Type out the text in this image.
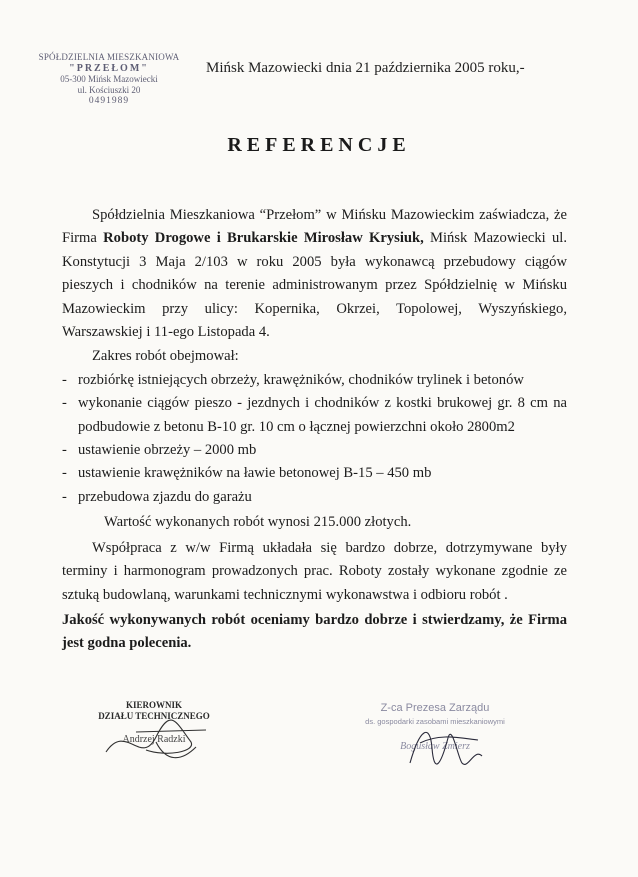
SPÓŁDZIELNIA MIESZKANIOWA
"PRZEŁOM"
05-300 Mińsk Mazowiecki
ul. Kościuszki 20
0491989
Mińsk Mazowiecki dnia 21 października 2005 roku,-
REFERENCJE
Spółdzielnia Mieszkaniowa “Przełom” w Mińsku Mazowieckim zaświadcza, że Firma Roboty Drogowe i Brukarskie Mirosław Krysiuk, Mińsk Mazowiecki ul. Konstytucji 3 Maja 2/103 w roku 2005 była wykonawcą przebudowy ciągów pieszych i chodników na terenie administrowanym przez Spółdzielnię w Mińsku Mazowieckim przy ulicy: Kopernika, Okrzei, Topolowej, Wyszyńskiego, Warszawskiej i 11-ego Listopada 4.
Zakres robót obejmował:
- rozbiórkę istniejących obrzeży, krawężników, chodników trylinek i betonów
- wykonanie ciągów pieszo - jezdnych i chodników z kostki brukowej gr. 8 cm na podbudowie z betonu B-10 gr. 10 cm o łącznej powierzchni około 2800m2
- ustawienie obrzeży – 2000 mb
- ustawienie krawężników na ławie betonowej B-15 – 450 mb
- przebudowa zjazdu do garażu
Wartość wykonanych robót wynosi 215.000 złotych.
Współpraca z w/w Firmą układała się bardzo dobrze, dotrzymywane były terminy i harmonogram prowadzonych prac. Roboty zostały wykonane zgodnie ze sztuką budowlaną, warunkami technicznymi wykonawstwa i odbioru robót .
Jakość wykonywanych robót oceniamy bardzo dobrze i stwierdzamy, że Firma jest godna polecenia.
KIEROWNIK
DZIAŁU TECHNICZNEGO
Andrzej Radzki
Z-ca Prezesa Zarządu
ds. gospodarki zasobami mieszkaniowymi
Bogusław Zmierz
